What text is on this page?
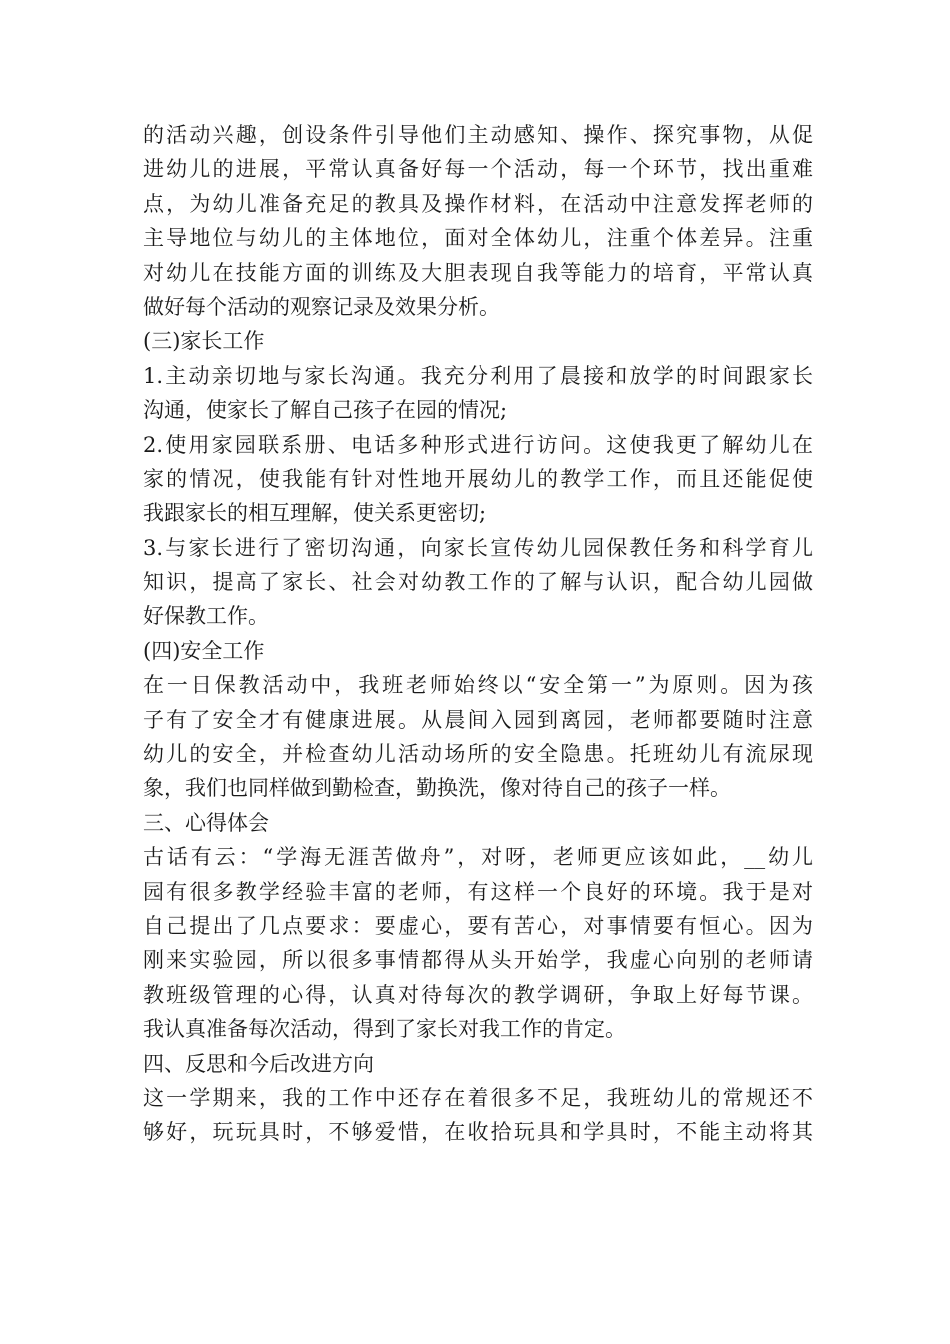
的活动兴趣，创设条件引导他们主动感知、操作、探究事物，从促
进幼儿的进展，平常认真备好每一个活动，每一个环节，找出重难
点，为幼儿准备充足的教具及操作材料，在活动中注意发挥老师的
主导地位与幼儿的主体地位，面对全体幼儿，注重个体差异。注重
对幼儿在技能方面的训练及大胆表现自我等能力的培育，平常认真
做好每个活动的观察记录及效果分析。
(三)家长工作
1.主动亲切地与家长沟通。我充分利用了晨接和放学的时间跟家长
沟通，使家长了解自己孩子在园的情况;
2.使用家园联系册、电话多种形式进行访问。这使我更了解幼儿在
家的情况，使我能有针对性地开展幼儿的教学工作，而且还能促使
我跟家长的相互理解，使关系更密切;
3.与家长进行了密切沟通，向家长宣传幼儿园保教任务和科学育儿
知识，提高了家长、社会对幼教工作的了解与认识，配合幼儿园做
好保教工作。
(四)安全工作
在一日保教活动中，我班老师始终以“安全第一”为原则。因为孩
子有了安全才有健康进展。从晨间入园到离园，老师都要随时注意
幼儿的安全，并检查幼儿活动场所的安全隐患。托班幼儿有流尿现
象，我们也同样做到勤检查，勤换洗，像对待自己的孩子一样。
三、心得体会
古话有云：“学海无涯苦做舟”，对呀，老师更应该如此，__幼儿
园有很多教学经验丰富的老师，有这样一个良好的环境。我于是对
自己提出了几点要求：要虚心，要有苦心，对事情要有恒心。因为
刚来实验园，所以很多事情都得从头开始学，我虚心向别的老师请
教班级管理的心得，认真对待每次的教学调研，争取上好每节课。
我认真准备每次活动，得到了家长对我工作的肯定。
四、反思和今后改进方向
这一学期来，我的工作中还存在着很多不足，我班幼儿的常规还不
够好，玩玩具时，不够爱惜，在收拾玩具和学具时，不能主动将其
